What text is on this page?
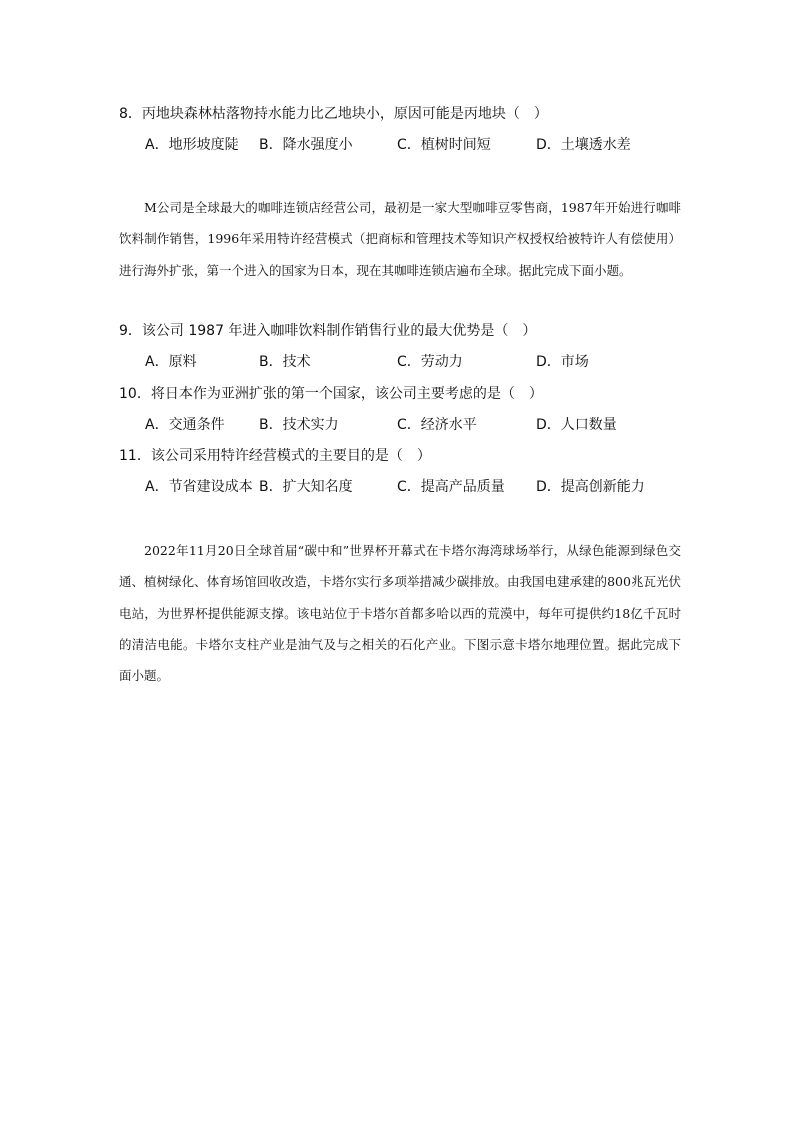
8．丙地块森林枯落物持水能力比乙地块小，原因可能是丙地块（　）
A．地形坡度陡 B．降水强度小	C．植树时间短	D．土壤透水差

M公司是全球最大的咖啡连锁店经营公司，最初是一家大型咖啡豆零售商，1987年开始进行咖啡饮料制作销售，1996年采用特许经营模式（把商标和管理技术等知识产权授权给被特许人有偿使用）进行海外扩张，第一个进入的国家为日本，现在其咖啡连锁店遍布全球。据此完成下面小题。

9．该公司 1987 年进入咖啡饮料制作销售行业的最大优势是（　）
A．原料	B．技术	C．劳动力	D．市场
10．将日本作为亚洲扩张的第一个国家，该公司主要考虑的是（　）
A．交通条件 B．技术实力	C．经济水平	D．人口数量
11．该公司采用特许经营模式的主要目的是（　）
A．节省建设成本 B．扩大知名度	C．提高产品质量 D．提高创新能力

2022年11月20日全球首届“碳中和”世界杯开幕式在卡塔尔海湾球场举行，从绿色能源到绿色交通、植树绿化、体育场馆回收改造，卡塔尔实行多项举措减少碳排放。由我国电建承建的800兆瓦光伏电站，为世界杯提供能源支撑。该电站位于卡塔尔首都多哈以西的荒漠中，每年可提供约18亿千瓦时的清洁电能。卡塔尔支柱产业是油气及与之相关的石化产业。下图示意卡塔尔地理位置。据此完成下面小题。
